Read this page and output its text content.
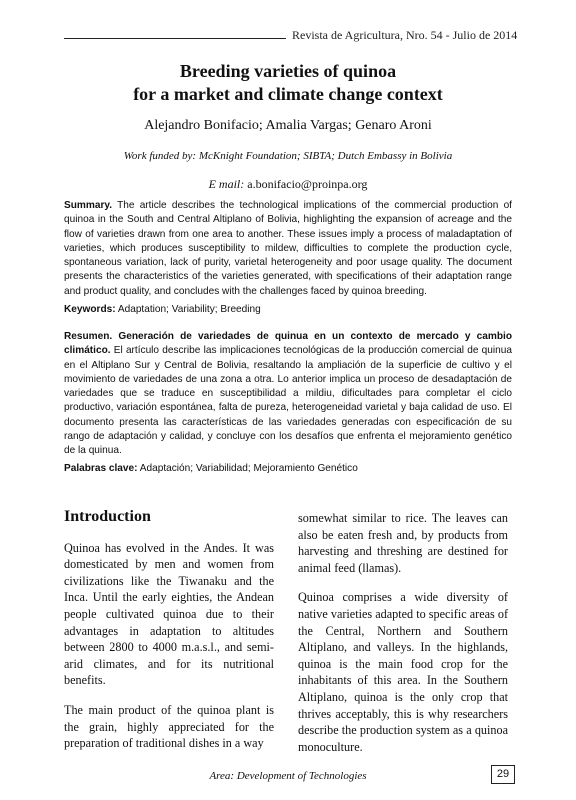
Revista de Agricultura, Nro. 54 - Julio de 2014
Breeding varieties of quinoa
for a market and climate change context
Alejandro Bonifacio; Amalia Vargas; Genaro Aroni
Work funded by: McKnight Foundation; SIBTA; Dutch Embassy in Bolivia
E mail: a.bonifacio@proinpa.org

Summary. The article describes the technological implications of the commercial production of quinoa in the South and Central Altiplano of Bolivia, highlighting the expansion of acreage and the flow of varieties drawn from one area to another. These issues imply a process of maladaptation of varieties, which produces susceptibility to mildew, difficulties to complete the production cycle, spontaneous variation, lack of purity, varietal heterogeneity and poor usage quality. The document presents the characteristics of the varieties generated, with specifications of their adaptation range and product quality, and concludes with the challenges faced by quinoa breeding.

Keywords: Adaptation; Variability; Breeding

Resumen. Generación de variedades de quinua en un contexto de mercado y cambio climático. El artículo describe las implicaciones tecnológicas de la producción comercial de quinua en el Altiplano Sur y Central de Bolivia, resaltando la ampliación de la superficie de cultivo y el movimiento de variedades de una zona a otra. Lo anterior implica un proceso de desadaptación de variedades que se traduce en susceptibilidad a mildiu, dificultades para completar el ciclo productivo, variación espontánea, falta de pureza, heterogeneidad varietal y baja calidad de uso. El documento presenta las características de las variedades generadas con especificación de su rango de adaptación y calidad, y concluye con los desafíos que enfrenta el mejoramiento genético de la quinua.

Palabras clave: Adaptación; Variabilidad; Mejoramiento Genético

Introduction

Quinoa has evolved in the Andes. It was domesticated by men and women from civilizations like the Tiwanaku and the Inca. Until the early eighties, the Andean people cultivated quinoa due to their advantages in adaptation to altitudes between 2800 to 4000 m.a.s.l., and semi-arid climates, and for its nutritional benefits.

The main product of the quinoa plant is the grain, highly appreciated for the preparation of traditional dishes in a way

somewhat similar to rice. The leaves can also be eaten fresh and, by products from harvesting and threshing are destined for animal feed (llamas).

Quinoa comprises a wide diversity of native varieties adapted to specific areas of the Central, Northern and Southern Altiplano, and valleys. In the highlands, quinoa is the main food crop for the inhabitants of this area. In the Southern Altiplano, quinoa is the only crop that thrives acceptably, this is why researchers describe the production system as a quinoa monoculture.

Area: Development of Technologies	29
